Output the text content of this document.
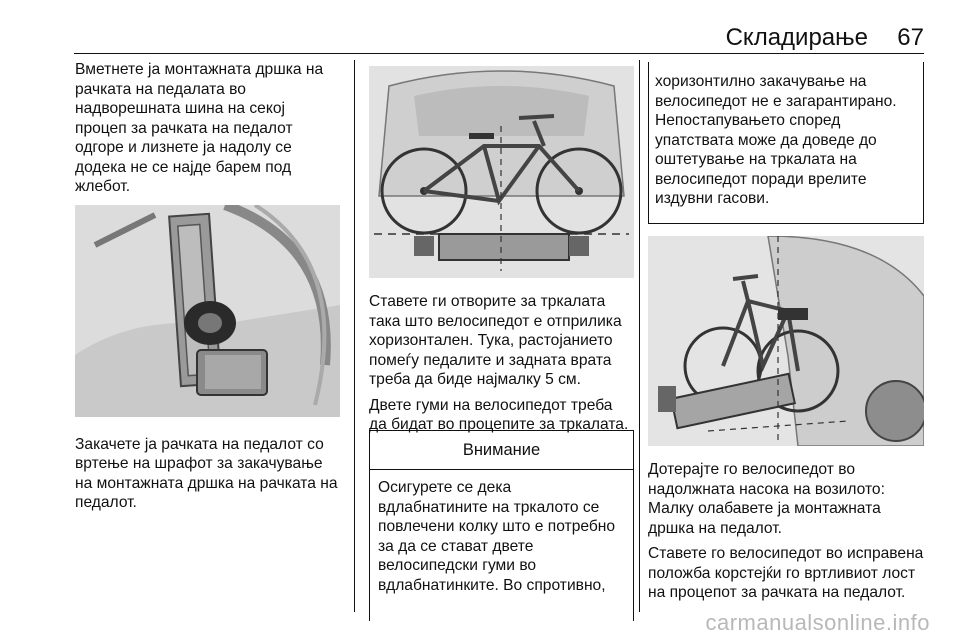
Складирање 67

Вметнете ја монтажната дршка на рачката на педалата во надворешната шина на секој процеп за рачката на педалот одгоре и лизнете ја надолу се додека не се најде барем под жлебот.

Закачете ја рачката на педалот со вртење на шрафот за закачување на монтажната дршка на рачката на педалот.

Ставете ги отворите за тркалата така што велосипедот е отприлика хоризонтален. Тука, растојанието помеѓу педалите и задната врата треба да биде најмалку 5 см.

Двете гуми на велосипедот треба да бидат во процепите за тркалата.

Внимание
Осигурете се дека вдлабнатините на тркалото се повлечени колку што е потребно за да се стават двете велосипедски гуми во вдлабнатинките. Во спротивно,
хоризонтилно закачување на велосипедот не е загарантирано. Непостапувањето според упатствата може да доведе до оштетување на тркалата на велосипедот поради врелите издувни гасови.

Дотерајте го велосипедот во надолжната насока на возилото: Малку олабавете ја монтажната дршка на педалот.

Ставете го велосипедот во исправена положба корстејќи го вртливиот лост на процепот за рачката на педалот.

carmanualsonline.info
